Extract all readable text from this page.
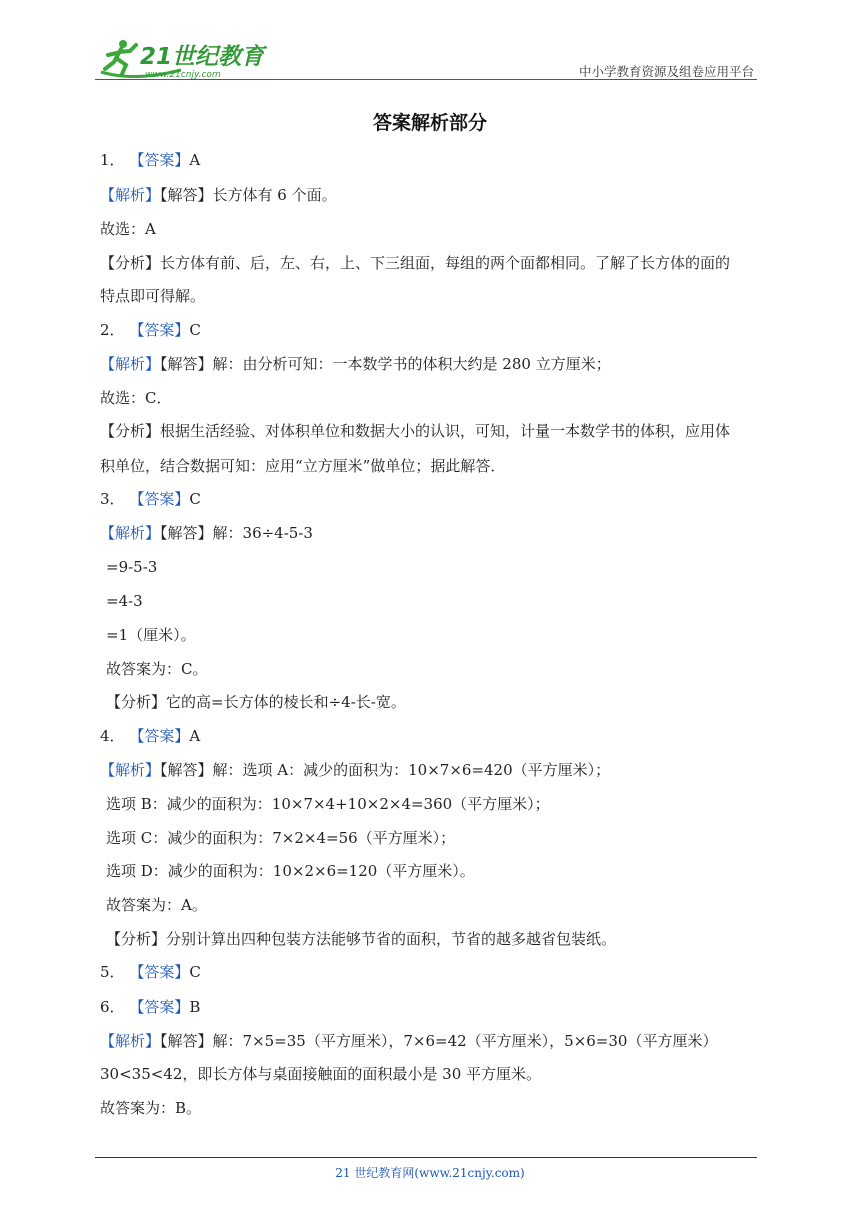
21世纪教育
www.21cnjy.com	中小学教育资源及组卷应用平台
答案解析部分
1． 【答案】A
【解析】【解答】长方体有 6 个面。
故选：A
【分析】长方体有前、后，左、右，上、下三组面，每组的两个面都相同。了解了长方体的面的
特点即可得解。
2． 【答案】C
【解析】【解答】解：由分析可知：一本数学书的体积大约是 280 立方厘米；
故选：C．
【分析】根据生活经验、对体积单位和数据大小的认识，可知，计量一本数学书的体积，应用体
积单位，结合数据可知：应用“立方厘米”做单位；据此解答．
3． 【答案】C
【解析】【解答】解：36÷4-5-3
=9-5-3
=4-3
=1（厘米）。
故答案为：C。
【分析】它的高=长方体的棱长和÷4-长-宽。
4． 【答案】A
【解析】【解答】解：选项 A：减少的面积为：10×7×6=420（平方厘米）；
选项 B：减少的面积为：10×7×4+10×2×4=360（平方厘米）；
选项 C：减少的面积为：7×2×4=56（平方厘米）；
选项 D：减少的面积为：10×2×6=120（平方厘米）。
故答案为：A。
【分析】分别计算出四种包装方法能够节省的面积，节省的越多越省包装纸。
5． 【答案】C
6． 【答案】B
【解析】【解答】解：7×5=35（平方厘米），7×6=42（平方厘米），5×6=30（平方厘米）
30<35<42，即长方体与桌面接触面的面积最小是 30 平方厘米。
故答案为：B。
21 世纪教育网(www.21cnjy.com)
